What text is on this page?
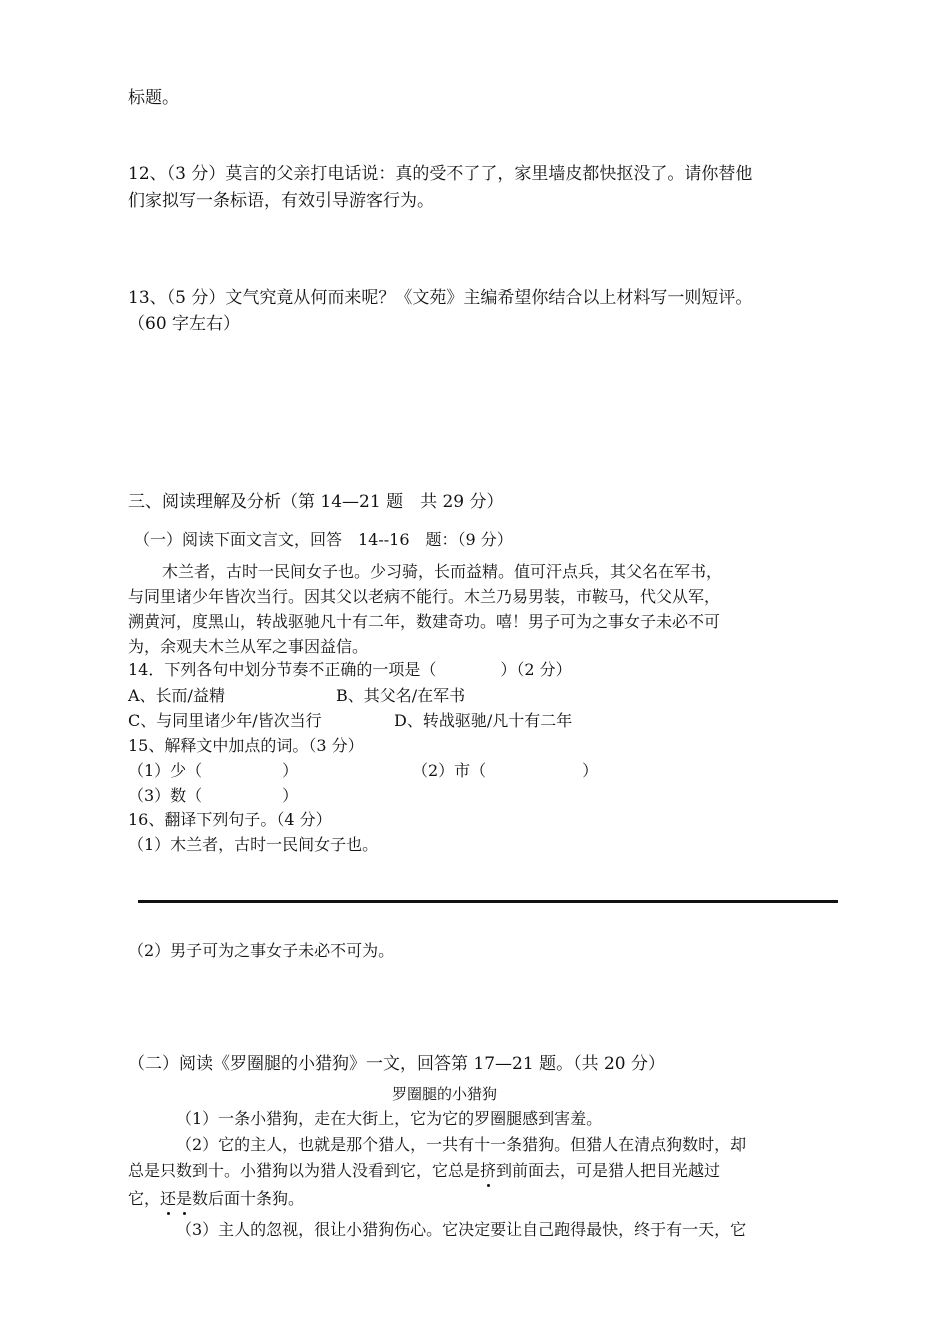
标题。
12、（3 分）莫言的父亲打电话说：真的受不了了，家里墙皮都快抠没了。请你替他
们家拟写一条标语，有效引导游客行为。
13、（5 分）文气究竟从何而来呢？《文苑》主编希望你结合以上材料写一则短评。
（60 字左右）
三、阅读理解及分析（第 14—21 题　共 29 分）
（一）阅读下面文言文，回答　14--16　题：（9 分）
木兰者，古时一民间女子也。少习骑，长而益精。值可汗点兵，其父名在军书，
与同里诸少年皆次当行。因其父以老病不能行。木兰乃易男装，市鞍马，代父从军，
溯黄河，度黑山，转战驱驰凡十有二年，数建奇功。嘻！男子可为之事女子未必不可
为，余观夫木兰从军之事因益信。
14．下列各句中划分节奏不正确的一项是（　　　　）（2 分）
A、长而/益精	B、其父名/在军书
C、与同里诸少年/皆次当行	D、转战驱驰/凡十有二年
15、解释文中加点的词。（3 分）
（1）少（　　　　　）	（2）市（　　　　　　）
（3）数（　　　　　）
16、翻译下列句子。（4 分）
（1）木兰者，古时一民间女子也。
（2）男子可为之事女子未必不可为。
（二）阅读《罗圈腿的小猎狗》一文，回答第 17—21 题。（共 20 分）
罗圈腿的小猎狗
（1）一条小猎狗，走在大街上，它为它的罗圈腿感到害羞。
（2）它的主人，也就是那个猎人，一共有十一条猎狗。但猎人在清点狗数时，却
总是只数到十。小猎狗以为猎人没看到它，它总是挤到前面去，可是猎人把目光越过
它，还是数后面十条狗。
（3）主人的忽视，很让小猎狗伤心。它决定要让自己跑得最快，终于有一天，它
